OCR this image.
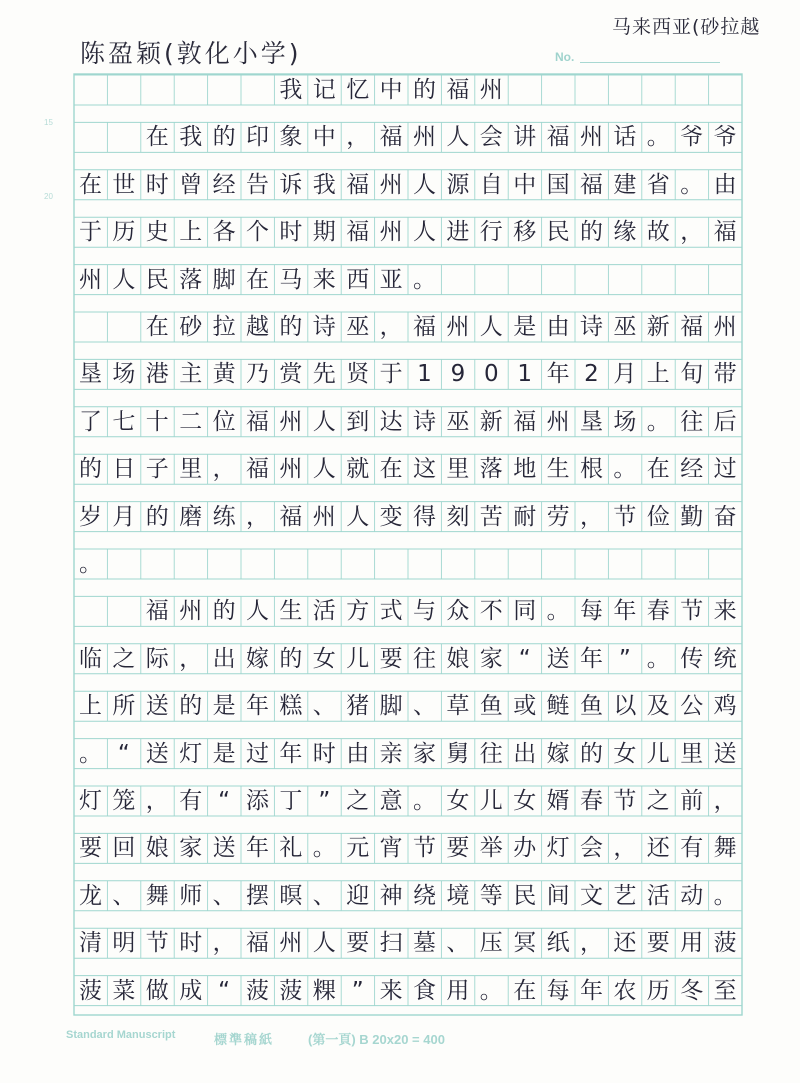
陈盈颖(敦化小学)
马来西亚(砂拉越
No.
15
20
我 记 忆 中 的 福 州

在 我 的 印 象 中 ， 福 州 人 会 讲 福 州 话 。 爷 爷
在 世 时 曾 经 告 诉 我 福 州 人 源 自 中 国 福 建 省 。 由
于 历 史 上 各 个 时 期 福 州 人 进 行 移 民 的 缘 故 ， 福
州 人 民 落 脚 在 马 来 西 亚 。

在 砂 拉 越 的 诗 巫 ， 福 州 人 是 由 诗 巫 新 福 州
垦 场 港 主 黄 乃 赏 先 贤 于 1 9 0 1 年 2 月 上 旬 带
了 七 十 二 位 福 州 人 到 达 诗 巫 新 福 州 垦 场 。 往 后
的 日 子 里 ， 福 州 人 就 在 这 里 落 地 生 根 。 在 经 过
岁 月 的 磨 练 ， 福 州 人 变 得 刻 苦 耐 劳 ， 节 俭 勤 奋
。

福 州 的 人 生 活 方 式 与 众 不 同 。 每 年 春 节 来
临 之 际 ， 出 嫁 的 女 儿 要 往 娘 家 “ 送 年 ” 。 传 统
上 所 送 的 是 年 糕 、 猪 脚 、 草 鱼 或 鲢 鱼 以 及 公 鸡
。 “ 送 灯 是 过 年 时 由 亲 家 舅 往 出 嫁 的 女 儿 里 送
灯 笼 ， 有 “ 添 丁 ” 之 意 。 女 儿 女 婿 春 节 之 前 ，
要 回 娘 家 送 年 礼 。 元 宵 节 要 举 办 灯 会 ， 还 有 舞
龙 、 舞 师 、 摆 暝 、 迎 神 绕 境 等 民 间 文 艺 活 动 。
清 明 节 时 ， 福 州 人 要 扫 墓 、 压 冥 纸 ， 还 要 用 菠
菠 菜 做 成 “ 菠 菠 粿 ” 来 食 用 。 在 每 年 农 历 冬 至
Standard Manuscript	標準稿紙	(第一頁) B 20x20 = 400
